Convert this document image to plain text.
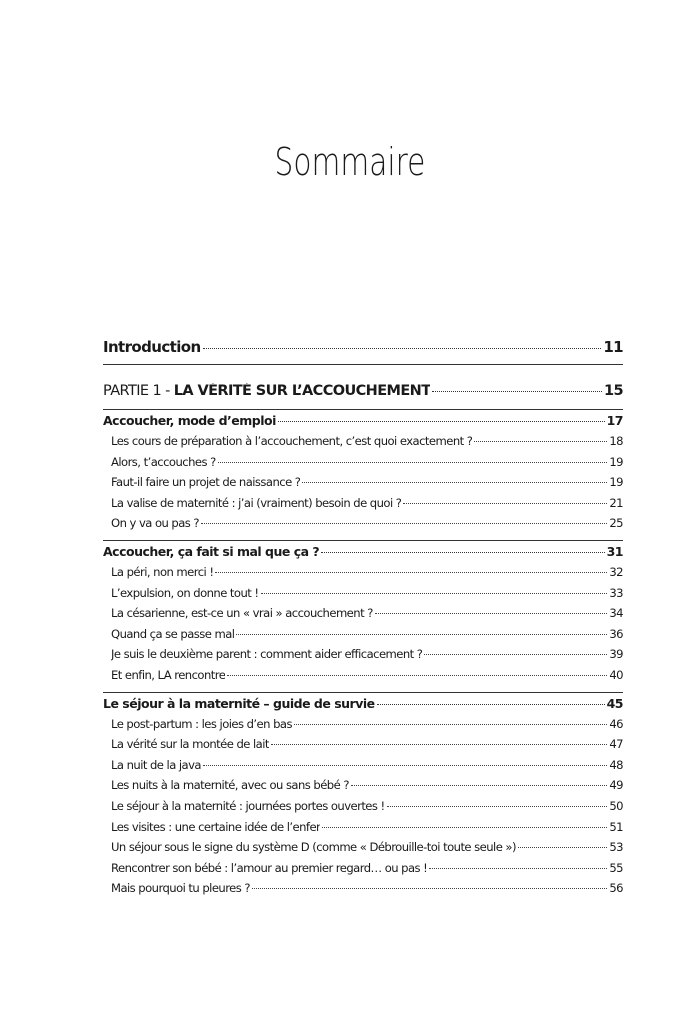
Sommaire
Introduction	11
PARTIE 1 - LA VÉRITÉ SUR L’ACCOUCHEMENT	15
Accoucher, mode d’emploi	17
Les cours de préparation à l’accouchement, c’est quoi exactement ?	18
Alors, t’accouches ?	19
Faut-il faire un projet de naissance ?	19
La valise de maternité : j’ai (vraiment) besoin de quoi ?	21
On y va ou pas ?	25
Accoucher, ça fait si mal que ça ?	31
La péri, non merci !	32
L’expulsion, on donne tout !	33
La césarienne, est-ce un « vrai » accouchement ?	34
Quand ça se passe mal	36
Je suis le deuxième parent : comment aider efficacement ?	39
Et enfin, LA rencontre	40
Le séjour à la maternité – guide de survie	45
Le post-partum : les joies d’en bas	46
La vérité sur la montée de lait	47
La nuit de la java	48
Les nuits à la maternité, avec ou sans bébé ?	49
Le séjour à la maternité : journées portes ouvertes !	50
Les visites : une certaine idée de l’enfer	51
Un séjour sous le signe du système D (comme « Débrouille-toi toute seule »)	53
Rencontrer son bébé : l’amour au premier regard… ou pas !	55
Mais pourquoi tu pleures ?	56
